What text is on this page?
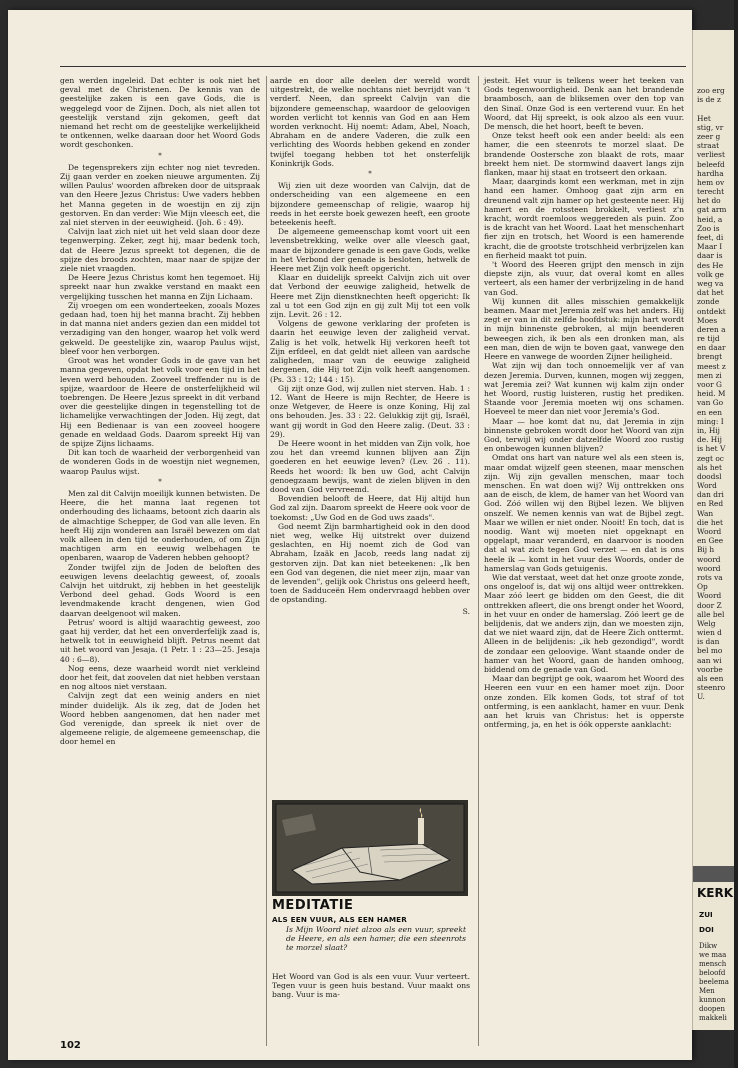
gen werden ingeleid. Dat echter is ook niet het geval met de Christenen. De kennis van de geestelijke zaken is een gave Gods, die is weggelegd voor de Zijnen. Doch, als niet allen tot geestelijk verstand zijn gekomen, geeft dat niemand het recht om de geestelijke werkelijkheid te ontkennen, welke daaraan door het Woord Gods wordt geschonken.

*

De tegensprekers zijn echter nog niet tevreden. Zij gaan verder en zoeken nieuwe argumenten. Zij willen Paulus' woorden afbreken door de uitspraak van den Heere Jezus Christus: Uwe vaders hebben het Manna gegeten in de woestijn en zij zijn gestorven. En dan verder: Wie Mijn vleesch eet, die zal niet sterven in der eeuwigheid. (Joh. 6 : 49).

Calvijn laat zich niet uit het veld slaan door deze tegenwerping. Zeker, zegt hij, maar bedenk toch, dat de Heere Jezus spreekt tot degenen, die de spijze des broods zochten, maar naar de spijze der ziele niet vraagden.

De Heere Jezus Christus komt hen tegemoet. Hij spreekt naar hun zwakke verstand en maakt een vergelijking tusschen het manna en Zijn Lichaam.

Zij vroegen om een wonderteeken, zooals Mozes gedaan had, toen hij het manna bracht. Zij hebben in dat manna niet anders gezien dan een middel tot verzadiging van den honger, waarop het volk werd gekweld. De geestelijke zin, waarop Paulus wijst, bleef voor hen verborgen.

Groot was het wonder Gods in de gave van het manna gegeven, opdat het volk voor een tijd in het leven werd behouden. Zooveel treffender nu is de spijze, waardoor de Heere de onsterfelijkheid wil toebrengen. De Heere Jezus spreekt in dit verband over die geestelijke dingen in tegenstelling tot de lichamelijke verwachtingen der Joden. Hij zegt, dat Hij een Bedienaar is van een zooveel hoogere genade en weldaad Gods. Daarom spreekt Hij van de spijze Zijns lichaams.

Dit kan toch de waarheid der verborgenheid van de wonderen Gods in de woestijn niet wegnemen, waarop Paulus wijst.

*

Men zal dit Calvijn moeilijk kunnen betwisten. De Heere, die het manna laat regenen tot onderhouding des lichaams, betoont zich daarin als de almachtige Schepper, de God van alle leven. En heeft Hij zijn wonderen aan Israël bewezen om dat volk alleen in den tijd te onderhouden, of om Zijn machtigen arm en eeuwig welbehagen te openbaren, waarop de Vaderen hebben gehoopt?

Zonder twijfel zijn de Joden de beloften des eeuwigen levens deelachtig geweest, of, zooals Calvijn het uitdrukt, zij hebben in het geestelijk Verbond deel gehad. Gods Woord is een levendmakende kracht dengenen, wien God daarvan deelgenoot wil maken.

Petrus' woord is altijd waarachtig geweest, zoo gaat hij verder, dat het een onverderfelijk zaad is, hetwelk tot in eeuwigheid blijft. Petrus neemt dat uit het woord van Jesaja. (1 Petr. 1 : 23—25. Jesaja 40 : 6—8).

Nog eens, deze waarheid wordt niet verkleind door het feit, dat zoovelen dat niet hebben verstaan en nog altoos niet verstaan.

Calvijn zegt dat een weinig anders en niet minder duidelijk. Als ik zeg, dat de Joden het Woord hebben aangenomen, dat hen nader met God verenigde, dan spreek ik niet over de algemeene religie, de algemeene gemeenschap, die door hemel en

aarde en door alle deelen der wereld wordt uitgestrekt, de welke nochtans niet bevrijdt van 't verderf. Neen, dan spreekt Calvijn van die bijzondere gemeenschap, waardoor de geloovigen worden verlicht tot kennis van God en aan Hem worden verknocht. Hij noemt: Adam, Abel, Noach, Abraham en de andere Vaderen, die zulk een verlichting des Woords hebben gekend en zonder twijfel toegang hebben tot het onsterfelijk Koninkrijk Gods.

*

Wij zien uit deze woorden van Calvijn, dat de onderscheiding van een algemeene en een bijzondere gemeenschap of religie, waarop hij reeds in het eerste boek gewezen heeft, een groote beteekenis heeft.

De algemeene gemeenschap komt voort uit een levensbetrekking, welke over alle vleesch gaat, maar de bijzondere genade is een gave Gods, welke in het Verbond der genade is besloten, hetwelk de Heere met Zijn volk heeft opgericht.

Klaar en duidelijk spreekt Calvijn zich uit over dat Verbond der eeuwige zaligheid, hetwelk de Heere met Zijn dienstknechten heeft opgericht: Ik zal u tot een God zijn en gij zult Mij tot een volk zijn. Levit. 26 : 12.

Volgens de gewone verklaring der profeten is daarin het eeuwige leven der zaligheid vervat. Zalig is het volk, hetwelk Hij verkoren heeft tot Zijn erfdeel, en dat geldt niet alleen van aardsche zaligheden, maar van de eeuwige zaligheid dergenen, die Hij tot Zijn volk heeft aangenomen. (Ps. 33 : 12; 144 : 15).

Gij zijt onze God, wij zullen niet sterven. Hab. 1 : 12. Want de Heere is mijn Rechter, de Heere is onze Wetgever, de Heere is onze Koning, Hij zal ons behouden. Jes. 33 : 22. Gelukkig zijt gij, Israël, want gij wordt in God den Heere zalig. (Deut. 33 : 29).

De Heere woont in het midden van Zijn volk, hoe zou het dan vreemd kunnen blijven aan Zijn goederen en het eeuwige leven? (Lev. 26 . 11). Reeds het woord: Ik ben uw God, acht Calvijn genoegzaam bewijs, want de zielen blijven in den dood van God vervreemd.

Bovendien belooft de Heere, dat Hij altijd hun God zal zijn. Daarom spreekt de Heere ook voor de toekomst: „Uw God en de God uws zaads".

God neemt Zijn barmhartigheid ook in den dood niet weg, welke Hij uitstrekt over duizend geslachten, en Hij noemt zich de God van Abraham, Izaäk en Jacob, reeds lang nadat zij gestorven zijn. Dat kan niet beteekenen: „Ik ben een God van degenen, die niet meer zijn, maar van de levenden", gelijk ook Christus ons geleerd heeft, toen de Sadduceën Hem ondervraagd hebben over de opstanding.

S.
MEDITATIE
ALS EEN VUUR, ALS EEN HAMER
Is Mijn Woord niet alzoo als een vuur, spreekt de Heere, en als een hamer, die een steenrots te morzel slaat?
Het Woord van God is als een vuur. Vuur verteert. Tegen vuur is geen huis bestand. Vuur maakt ons bang. Vuur is ma-

jesteit. Het vuur is telkens weer het teeken van Gods tegenwoordigheid. Denk aan het brandende braambosch, aan de bliksemen over den top van den Sinaï. Onze God is een verterend vuur. En het Woord, dat Hij spreekt, is ook alzoo als een vuur. De mensch, die het hoort, beeft te beven.

Onze tekst heeft ook een ander beeld: als een hamer, die een steenrots te morzel slaat. De brandende Oostersche zon blaakt de rots, maar breekt hem niet. De stormwind daavert langs zijn flanken, maar hij staat en trotseert den orkaan.

Maar, daarginds komt een werkman, met in zijn hand een hamer. Omhoog gaat zijn arm en dreunend valt zijn hamer op het gesteente neer. Hij hamert en de rotssteen brokkelt, verliest z'n kracht, wordt roemloos weggereden als puin. Zoo is de kracht van het Woord. Laat het menschenhart fier zijn en trotsch, het Woord is een hamerende kracht, die de grootste trotschheid verbrijzelen kan en fierheid maakt tot puin.

't Woord des Heeren grijpt den mensch in zijn diepste zijn, als vuur, dat overal komt en alles verteert, als een hamer der verbrijzeling in de hand van God.

Wij kunnen dit alles misschien gemakkelijk beamen. Maar met Jeremia zelf was het anders. Hij zegt er van in dit zelfde hoofdstuk: mijn hart wordt in mijn binnenste gebroken, al mijn beenderen beweegen zich, ik ben als een dronken man, als een man, dien de wijn te boven gaat, vanwege den Heere en vanwege de woorden Zijner heiligheid.

Wat zijn wij dan toch onnoemelijk ver af van dezen Jeremia. Durven, kunnen, mogen wij zeggen, wat Jeremia zei? Wat kunnen wij kalm zijn onder het Woord, rustig luisteren, rustig het prediken. Staande voor Jeremia moeten wij ons schamen. Hoeveel te meer dan niet voor Jeremia's God.

Maar — hoe komt dat nu, dat Jeremia in zijn binnenste gebroken wordt door het Woord van zijn God, terwijl wij onder datzelfde Woord zoo rustig en onbewogen kunnen blijven?

Omdat ons hart van nature wel als een steen is, maar omdat wijzelf geen steenen, maar menschen zijn. Wij zijn gevallen menschen, maar toch menschen. En wat doen wij? Wij onttrekken ons aan de eisch, de klem, de hamer van het Woord van God. Zóó willen wij den Bijbel lezen. We blijven onszelf. We nemen kennis van wat de Bijbel zegt. Maar we willen er niet onder. Nooit! En toch, dat is noodig. Want wij moeten niet opgeknapt en opgelapt, maar veranderd, en daarvoor is nooden dat al wat zich tegen God verzet — en dat is ons heele ik — komt in het vuur des Woords, onder de hamerslag van Gods getuigenis.

Wie dat verstaat, weet dat het onze groote zonde, ons ongeloof is, dat wij ons altijd weer onttrekken. Maar zóó leert ge bidden om den Geest, die dit onttrekken afleert, die ons brengt onder het Woord, in het vuur en onder de hamerslag. Zóó leert ge de belijdenis, dat we anders zijn, dan we moesten zijn, dat we niet waard zijn, dat de Heere Zich onttermt. Alleen in de belijdenis: „ik heb gezondigd", wordt de zondaar een geloovige. Want staande onder de hamer van het Woord, gaan de handen omhoog, biddend om de genade van God.

Maar dan begrijpt ge ook, waarom het Woord des Heeren een vuur en een hamer moet zijn. Door onze zonden. Elk komen Gods, tot straf of tot ontferming, is een aanklacht, hamer en vuur. Denk aan het kruis van Christus: het is opperste ontferming, ja, en het is óók opperste aanklacht:

102
zoo erg
is de z
Het
stig, vr
zeer g
straat
verliest
beleefd
hardha
hem ov
terecht
het do
gat arm
heid, a
Zoo is
feet, di
Maar I
daar is
des He
volk ge
weg va
dat het
zonde
ontdekt
Moes
deren a
re tijd
en daar
brengt
meest z
men zi
voor G
heid. M
van Go
en een
ming: I
in, Hij
de. Hij
is het V
zegt oc
als het
doodsl
Word
dan dri
en Red
Wan
die het
Woord
en Gee
Bij h
woord
woord
rots va
Op
Woord
door Z
alle bel
Welg
wien d
is dan
bel mo
aan wi
voorbe
als een
steenro
U.
KERK
ZUI
DOI
Dikw
we maa
mensch
beloofd
beelema
Men
kunnon
doopen
makkeli
